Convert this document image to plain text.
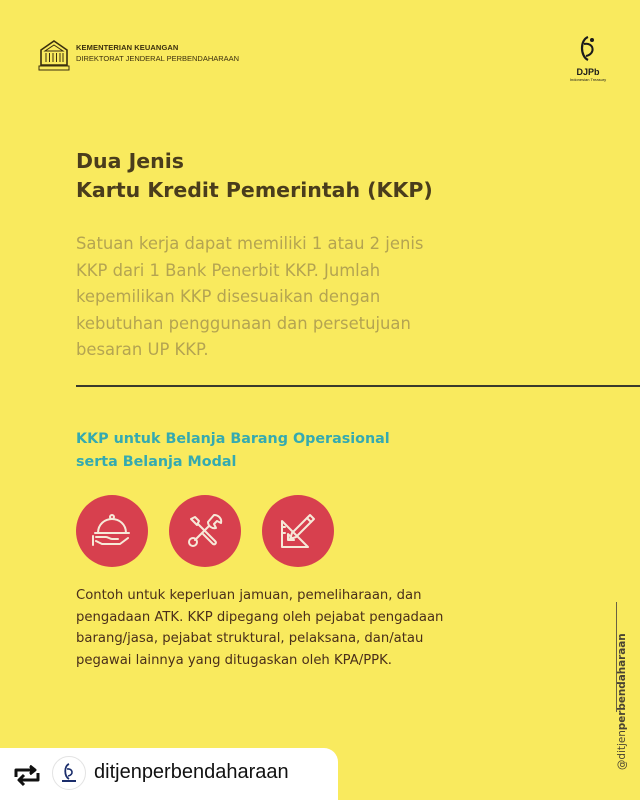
KEMENTERIAN KEUANGAN
DIREKTORAT JENDERAL PERBENDAHARAAN
DJPb
Indonesian Treasury
Dua Jenis
Kartu Kredit Pemerintah (KKP)
Satuan kerja dapat memiliki 1 atau 2 jenis
KKP dari 1 Bank Penerbit KKP. Jumlah
kepemilikan KKP disesuaikan dengan
kebutuhan penggunaan dan persetujuan
besaran UP KKP.
KKP untuk Belanja Barang Operasional
serta Belanja Modal
Contoh untuk keperluan jamuan, pemeliharaan, dan
pengadaan ATK. KKP dipegang oleh pejabat pengadaan
barang/jasa, pejabat struktural, pelaksana, dan/atau
pegawai lainnya yang ditugaskan oleh KPA/PPK.
@ditjenperbendaharaan
ditjenperbendaharaan
